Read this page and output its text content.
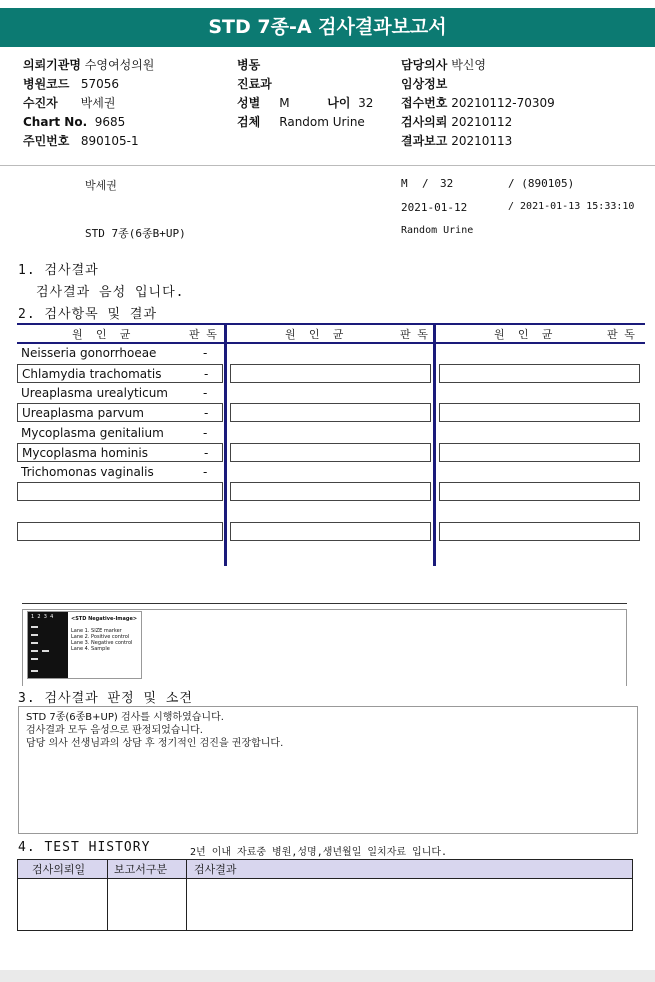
STD 7종-A 검사결과보고서
의뢰기관명 수영여성의원
병원코드 57056
수진자 박세권
Chart No. 9685
주민번호 890105-1
병동
진료과
성별 M	나이 32
검체 Random Urine
담당의사 박신영
임상정보
접수번호 20210112-70309
검사의뢰 20210112
결과보고 20210113
박세권	M / 32	/ (890105)
2021-01-12	/ 2021-01-13 15:33:10
STD 7종(6종B+UP)	Random Urine
1. 검사결과
검사결과 음성 입니다.
2. 검사항목 및 결과
원  인  균	판 독	원  인  균	판 독	원  인  균	판 독
Neisseria gonorrhoeae	-
Chlamydia trachomatis	-
Ureaplasma urealyticum	-
Ureaplasma parvum	-
Mycoplasma genitalium	-
Mycoplasma hominis	-
Trichomonas vaginalis	-
1  2  3  4	<STD Negative-Image>
Lane 1. SIZE marker
Lane 2. Positive control
Lane 3. Negative control
Lane 4. Sample
3. 검사결과 판정 및 소견
STD 7종(6종B+UP) 검사를 시행하였습니다.
검사결과 모두 음성으로 판정되었습니다.
담당 의사 선생님과의 상담 후 정기적인 검진을 권장합니다.
4. TEST HISTORY	2년 이내 자료중 병원,성명,생년월일 일치자료 입니다.
검사의뢰일	보고서구분 검사결과
